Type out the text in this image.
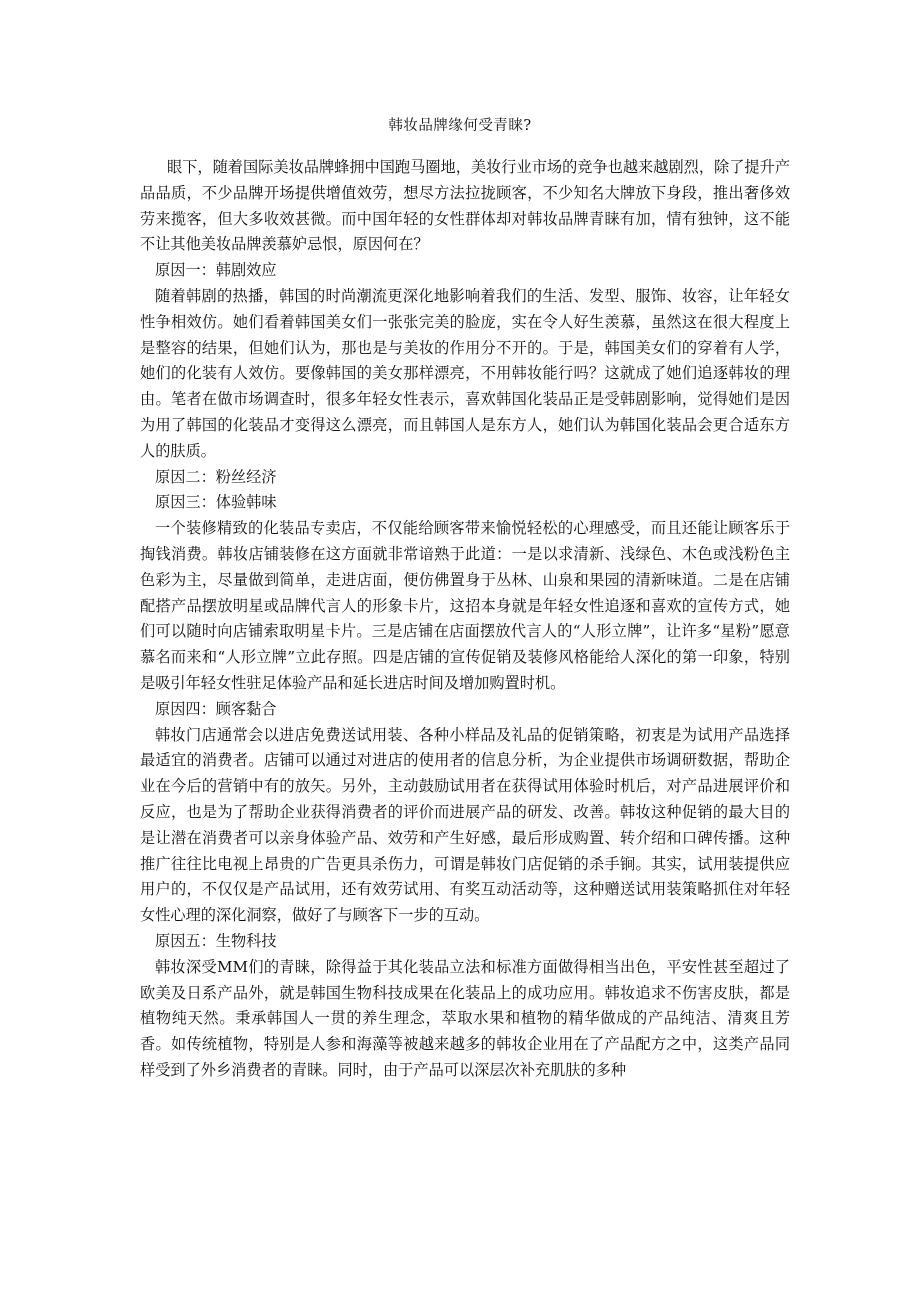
韩妆品牌缘何受青睐?

眼下，随着国际美妆品牌蜂拥中国跑马圈地，美妆行业市场的竞争也越来越剧烈，除了提升产品品质，不少品牌开场提供增值效劳，想尽方法拉拢顾客，不少知名大牌放下身段，推出奢侈效劳来揽客，但大多收效甚微。而中国年轻的女性群体却对韩妆品牌青睐有加，情有独钟，这不能不让其他美妆品牌羡慕妒忌恨，原因何在？

原因一：韩剧效应

随着韩剧的热播，韩国的时尚潮流更深化地影响着我们的生活、发型、服饰、妆容，让年轻女性争相效仿。她们看着韩国美女们一张张完美的脸庞，实在令人好生羡慕，虽然这在很大程度上是整容的结果，但她们认为，那也是与美妆的作用分不开的。于是，韩国美女们的穿着有人学，她们的化装有人效仿。要像韩国的美女那样漂亮，不用韩妆能行吗？这就成了她们追逐韩妆的理由。笔者在做市场调查时，很多年轻女性表示，喜欢韩国化装品正是受韩剧影响，觉得她们是因为用了韩国的化装品才变得这么漂亮，而且韩国人是东方人，她们认为韩国化装品会更合适东方人的肤质。

原因二：粉丝经济

原因三：体验韩味

一个装修精致的化装品专卖店，不仅能给顾客带来愉悦轻松的心理感受，而且还能让顾客乐于掏钱消费。韩妆店铺装修在这方面就非常谙熟于此道：一是以求清新、浅绿色、木色或浅粉色主色彩为主，尽量做到简单，走进店面，便仿佛置身于丛林、山泉和果园的清新味道。二是在店铺配搭产品摆放明星或品牌代言人的形象卡片，这招本身就是年轻女性追逐和喜欢的宣传方式，她们可以随时向店铺索取明星卡片。三是店铺在店面摆放代言人的“人形立牌”，让许多“星粉”愿意慕名而来和“人形立牌”立此存照。四是店铺的宣传促销及装修风格能给人深化的第一印象，特别是吸引年轻女性驻足体验产品和延长进店时间及增加购置时机。

原因四：顾客黏合

韩妆门店通常会以进店免费送试用装、各种小样品及礼品的促销策略，初衷是为试用产品选择最适宜的消费者。店铺可以通过对进店的使用者的信息分析，为企业提供市场调研数据，帮助企业在今后的营销中有的放矢。另外，主动鼓励试用者在获得试用体验时机后，对产品进展评价和反应，也是为了帮助企业获得消费者的评价而进展产品的研发、改善。韩妆这种促销的最大目的是让潜在消费者可以亲身体验产品、效劳和产生好感，最后形成购置、转介绍和口碑传播。这种推广往往比电视上昂贵的广告更具杀伤力，可谓是韩妆门店促销的杀手锏。其实，试用装提供应用户的，不仅仅是产品试用，还有效劳试用、有奖互动活动等，这种赠送试用装策略抓住对年轻女性心理的深化洞察，做好了与顾客下一步的互动。

原因五：生物科技

韩妆深受MM们的青睐，除得益于其化装品立法和标准方面做得相当出色，平安性甚至超过了欧美及日系产品外，就是韩国生物科技成果在化装品上的成功应用。韩妆追求不伤害皮肤，都是植物纯天然。秉承韩国人一贯的养生理念，萃取水果和植物的精华做成的产品纯洁、清爽且芳香。如传统植物，特别是人参和海藻等被越来越多的韩妆企业用在了产品配方之中，这类产品同样受到了外乡消费者的青睐。同时，由于产品可以深层次补充肌肤的多种
